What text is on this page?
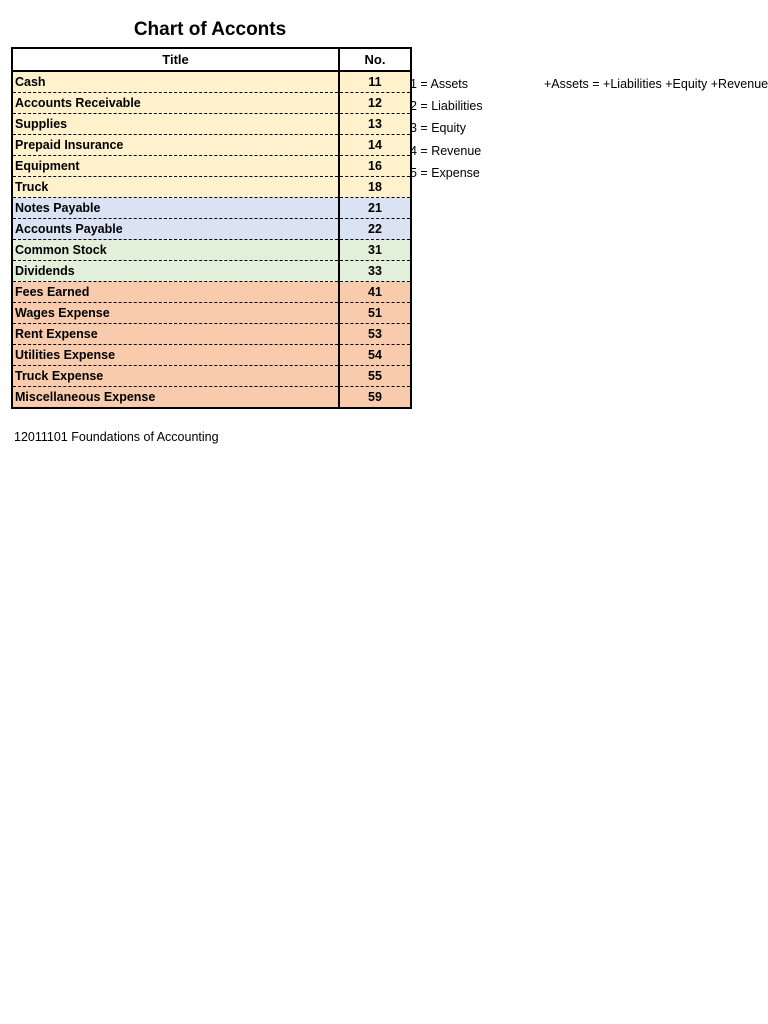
Chart of Acconts
Title	No.
Cash	11
Accounts Receivable	12
Supplies	13
Prepaid Insurance	14
Equipment	16
Truck	18
Notes Payable	21
Accounts Payable	22
Common Stock	31
Dividends	33
Fees Earned	41
Wages Expense	51
Rent Expense	53
Utilities Expense	54
Truck Expense	55
Miscellaneous Expense	59
1 = Assets
2 = Liabilities
3 = Equity
4 = Revenue
5 = Expense
+Assets = +Liabilities +Equity +Revenue
12011101 Foundations of Accounting
